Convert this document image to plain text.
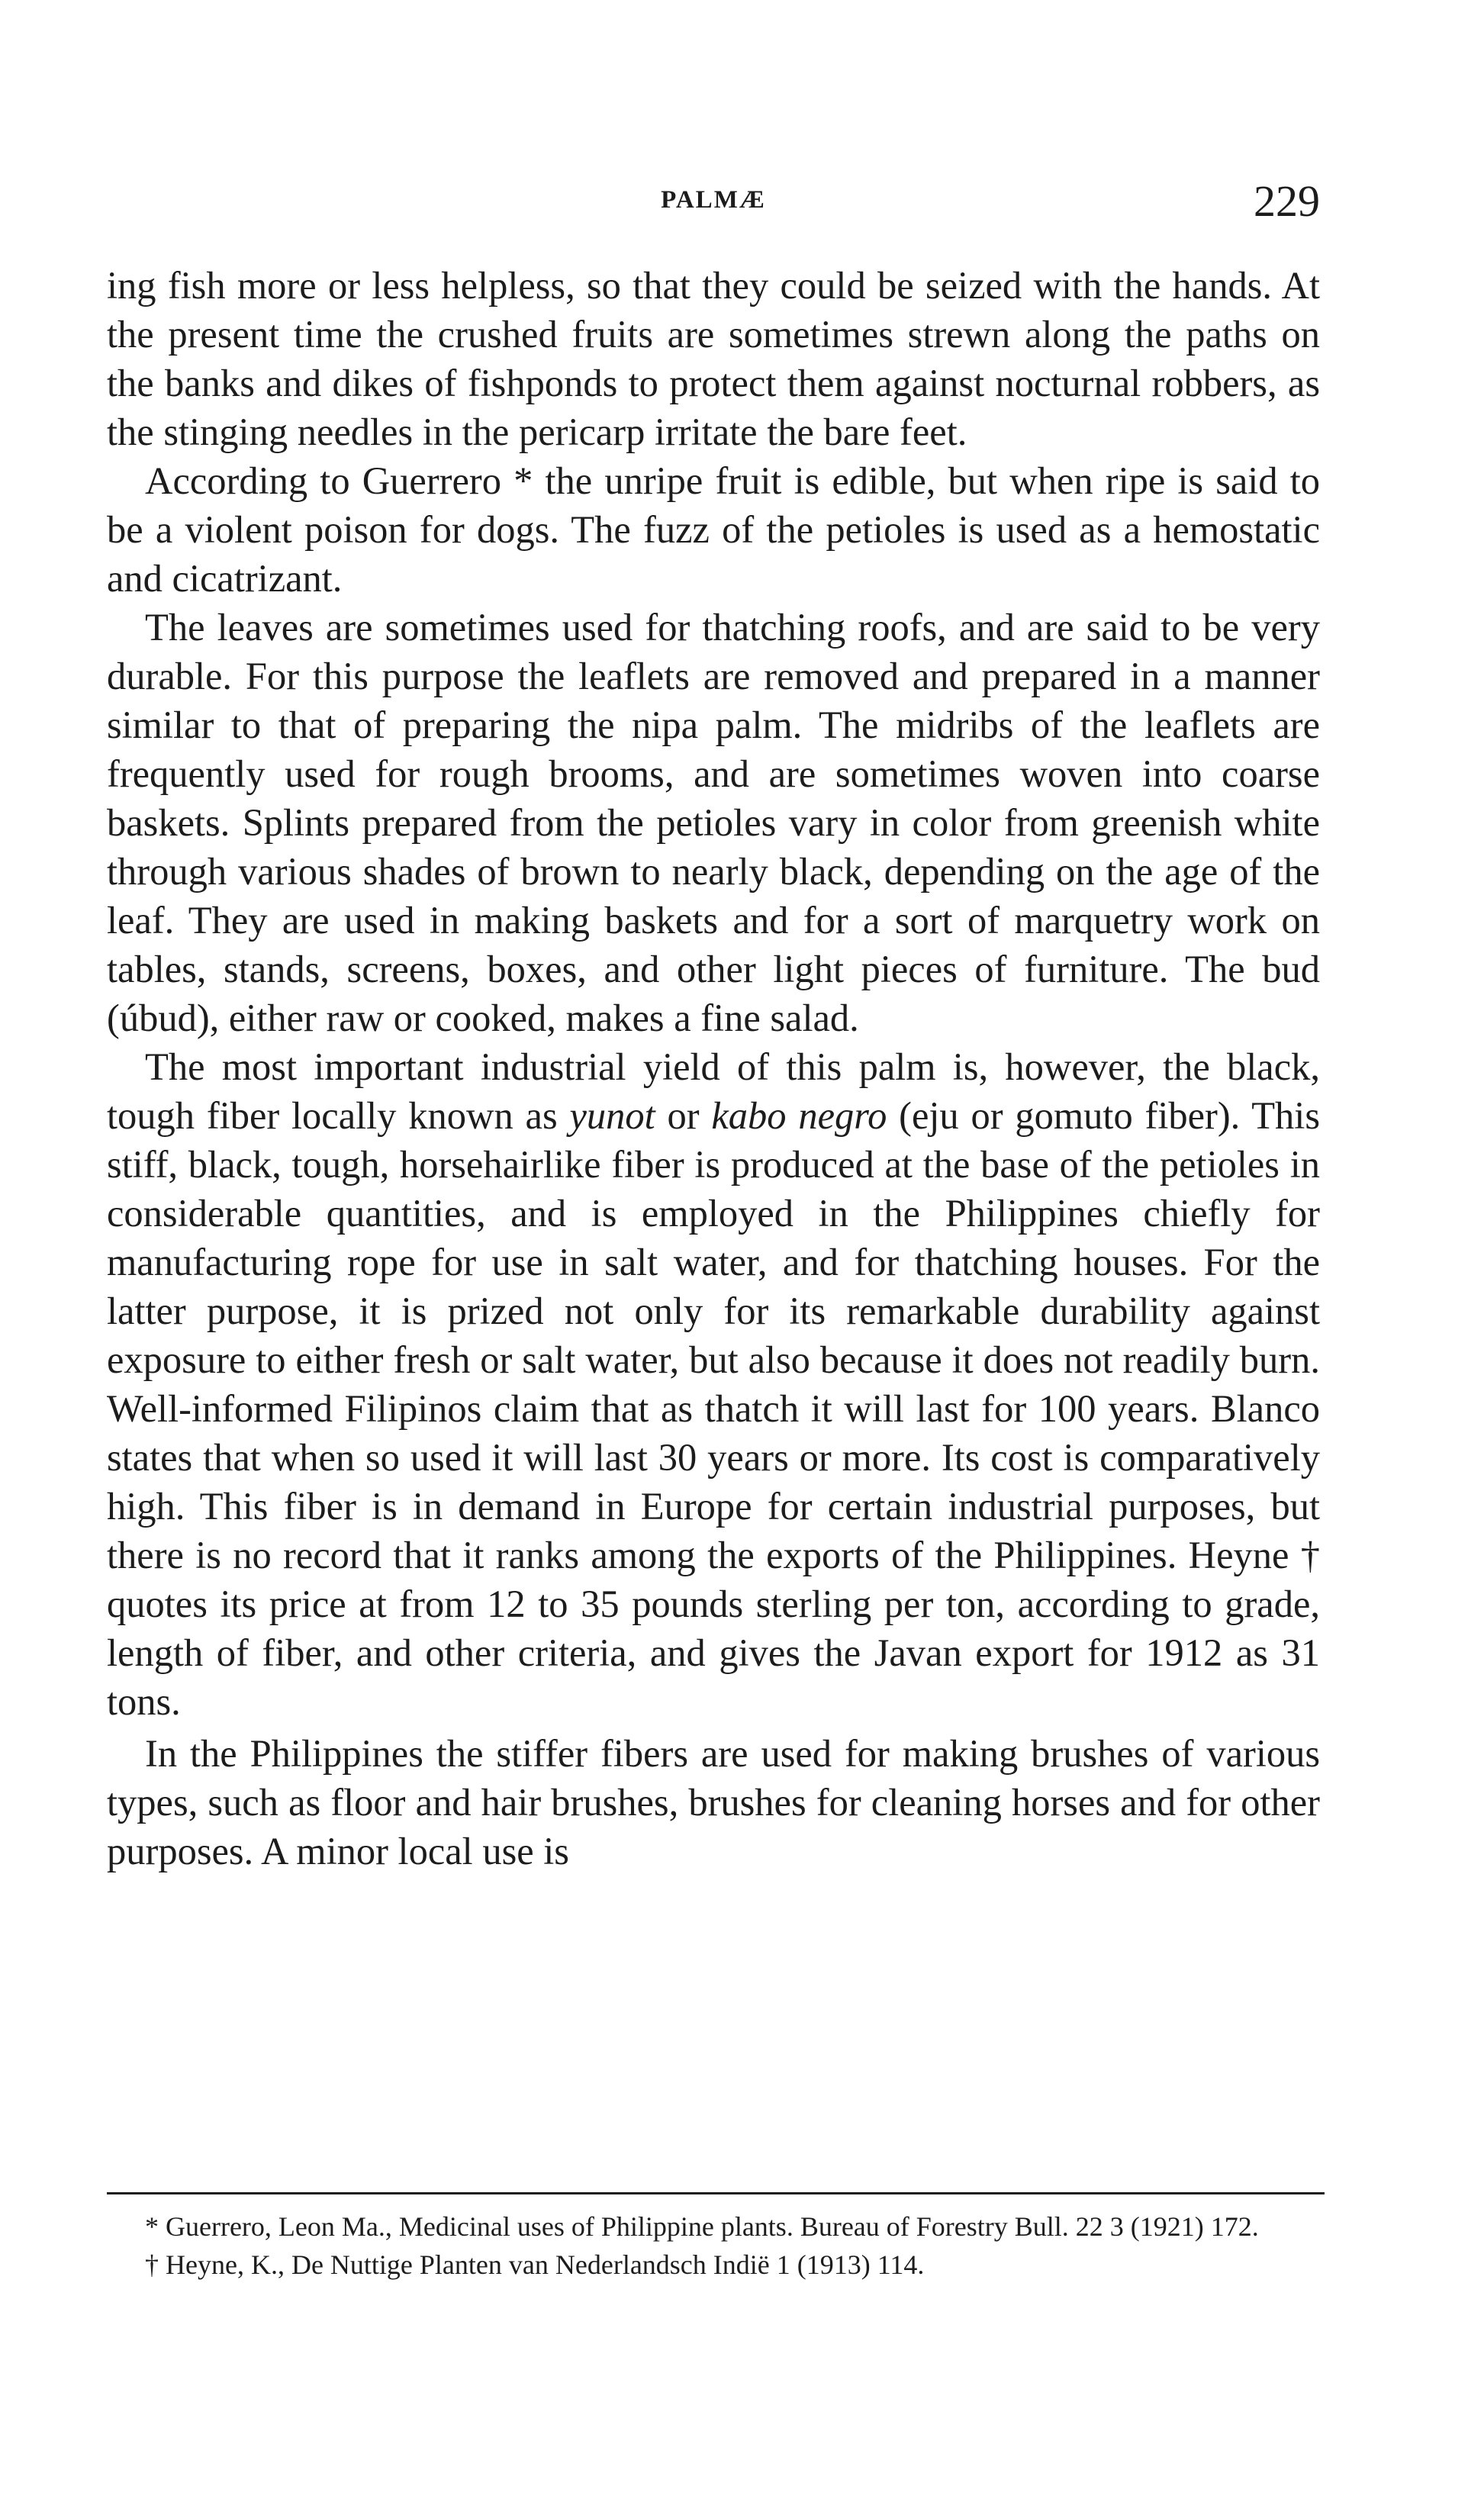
PALMÆ	229

ing fish more or less helpless, so that they could be seized with the hands. At the present time the crushed fruits are sometimes strewn along the paths on the banks and dikes of fishponds to protect them against nocturnal robbers, as the stinging needles in the pericarp irritate the bare feet.

According to Guerrero * the unripe fruit is edible, but when ripe is said to be a violent poison for dogs. The fuzz of the petioles is used as a hemostatic and cicatrizant.

The leaves are sometimes used for thatching roofs, and are said to be very durable. For this purpose the leaflets are removed and prepared in a manner similar to that of preparing the nipa palm. The midribs of the leaflets are frequently used for rough brooms, and are sometimes woven into coarse baskets. Splints prepared from the petioles vary in color from greenish white through various shades of brown to nearly black, depending on the age of the leaf. They are used in making baskets and for a sort of marquetry work on tables, stands, screens, boxes, and other light pieces of furniture. The bud (úbud), either raw or cooked, makes a fine salad.

The most important industrial yield of this palm is, however, the black, tough fiber locally known as yunot or kabo negro (eju or gomuto fiber). This stiff, black, tough, horsehairlike fiber is produced at the base of the petioles in considerable quantities, and is employed in the Philippines chiefly for manufacturing rope for use in salt water, and for thatching houses. For the latter purpose, it is prized not only for its remarkable durability against exposure to either fresh or salt water, but also because it does not readily burn. Well-informed Filipinos claim that as thatch it will last for 100 years. Blanco states that when so used it will last 30 years or more. Its cost is comparatively high. This fiber is in demand in Europe for certain industrial purposes, but there is no record that it ranks among the exports of the Philippines. Heyne † quotes its price at from 12 to 35 pounds sterling per ton, according to grade, length of fiber, and other criteria, and gives the Javan export for 1912 as 31 tons.

In the Philippines the stiffer fibers are used for making brushes of various types, such as floor and hair brushes, brushes for cleaning horses and for other purposes. A minor local use is

* Guerrero, Leon Ma., Medicinal uses of Philippine plants. Bureau of Forestry Bull. 22 3 (1921) 172.

† Heyne, K., De Nuttige Planten van Nederlandsch Indië 1 (1913) 114.
